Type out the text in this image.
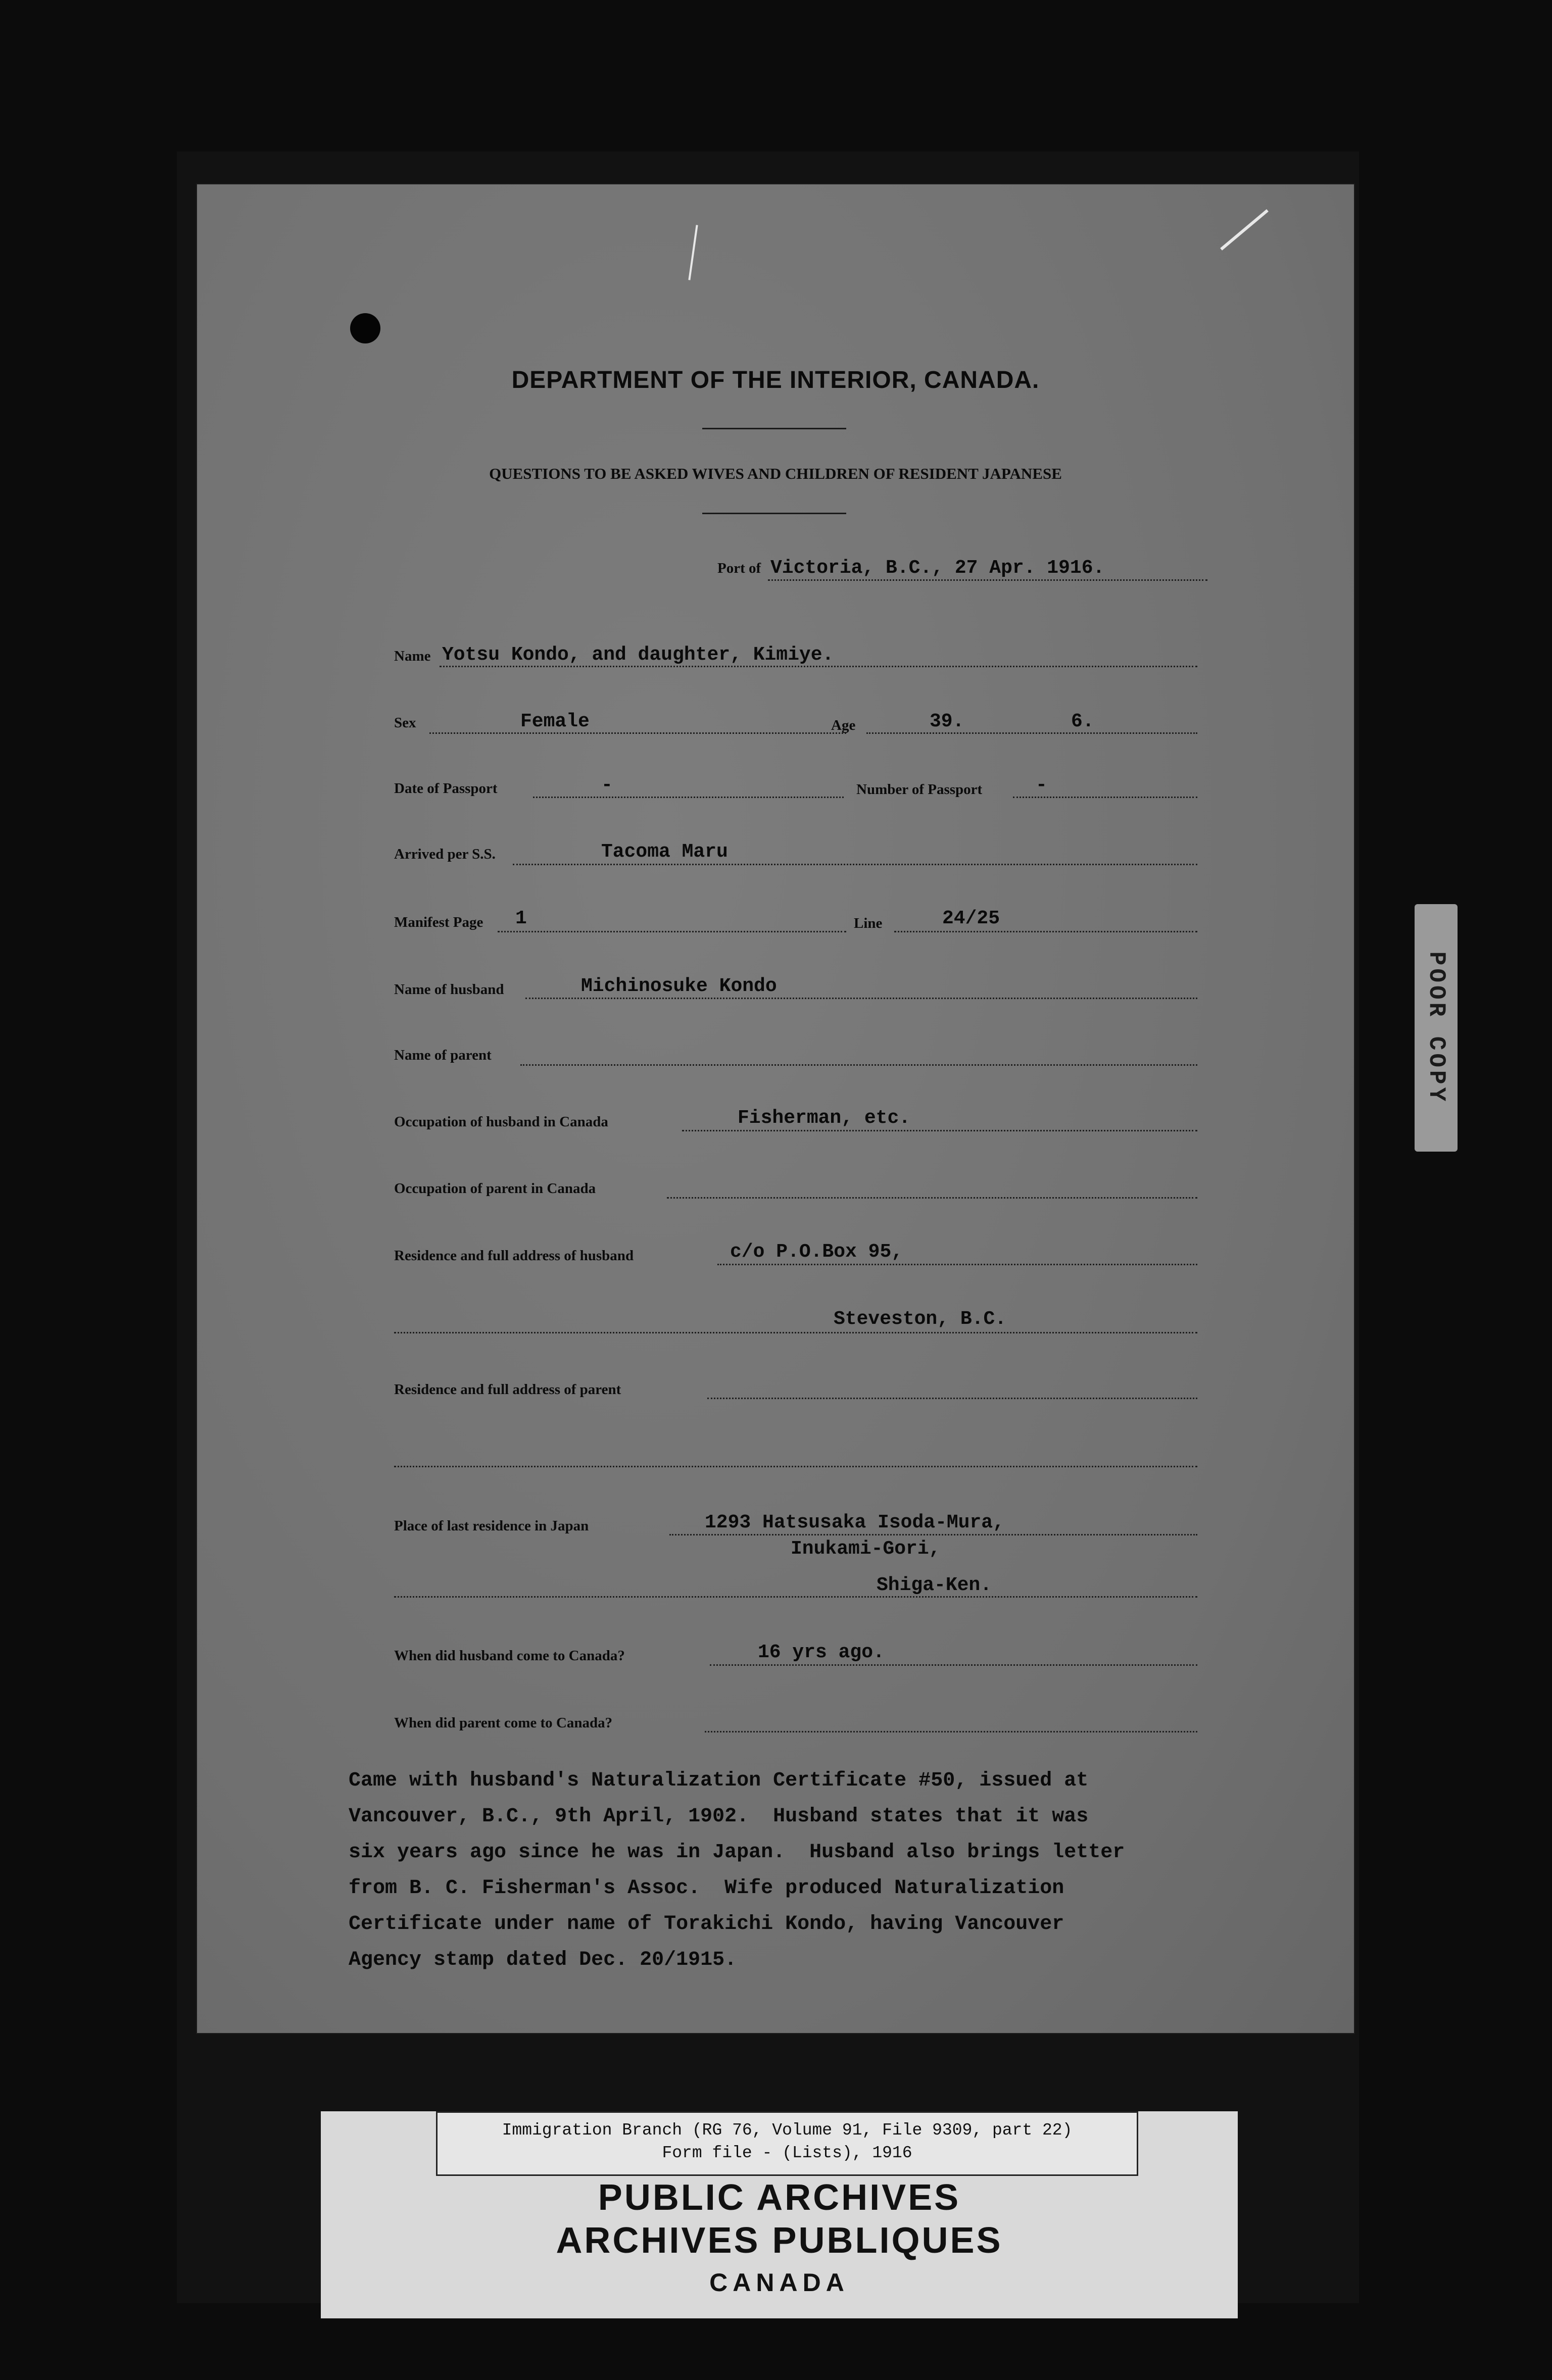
DEPARTMENT OF THE INTERIOR, CANADA.
QUESTIONS TO BE ASKED WIVES AND CHILDREN OF RESIDENT JAPANESE
Port of Victoria, B.C., 27 Apr. 1916.
Name Yotsu Kondo, and daughter, Kimiye.
Sex	Female	Age	39.	6.
Date of Passport	-	Number of Passport	-
Arrived per S.S.	Tacoma Maru
Manifest Page 1	Line	24/25
Name of husband	Michinosuke Kondo
Name of parent
Occupation of husband in Canada	Fisherman, etc.
Occupation of parent in Canada
Residence and full address of husband	c/o P.O.Box 95,
Steveston, B.C.
Residence and full address of parent
Place of last residence in Japan	1293 Hatsusaka Isoda-Mura,
Inukami-Gori,
Shiga-Ken.
When did husband come to Canada?	16 yrs ago.
When did parent come to Canada?
Came with husband's Naturalization Certificate #50, issued at
Vancouver, B.C., 9th April, 1902.  Husband states that it was
six years ago since he was in Japan.  Husband also brings letter
from B. C. Fisherman's Assoc.  Wife produced Naturalization
Certificate under name of Torakichi Kondo, having Vancouver
Agency stamp dated Dec. 20/1915.
POOR COPY
Immigration Branch (RG 76, Volume 91, File 9309, part 22)
Form file - (Lists), 1916
PUBLIC ARCHIVES
ARCHIVES PUBLIQUES
CANADA
